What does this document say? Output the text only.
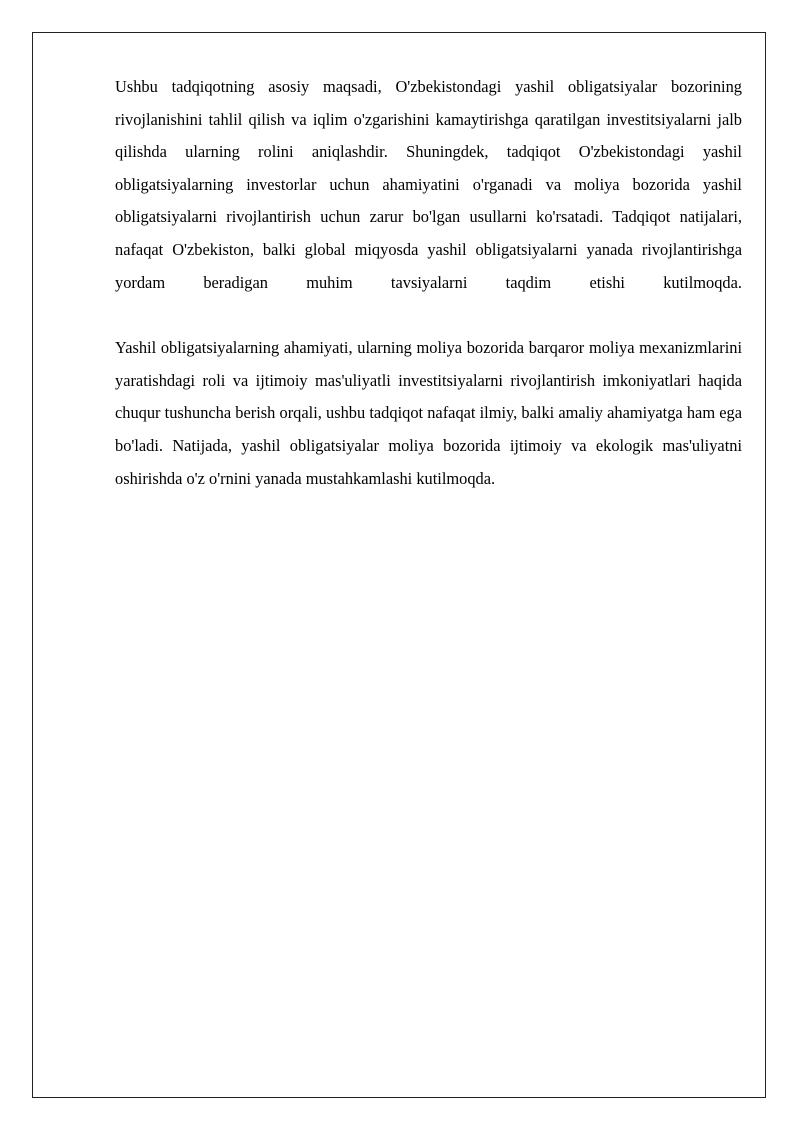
Ushbu tadqiqotning asosiy maqsadi, O'zbekistondagi yashil obligatsiyalar bozorining rivojlanishini tahlil qilish va iqlim o'zgarishini kamaytirishga qaratilgan investitsiyalarni jalb qilishda ularning rolini aniqlashdir. Shuningdek, tadqiqot O'zbekistondagi yashil obligatsiyalarning investorlar uchun ahamiyatini o'rganadi va moliya bozorida yashil obligatsiyalarni rivojlantirish uchun zarur bo'lgan usullarni ko'rsatadi. Tadqiqot natijalari, nafaqat O'zbekiston, balki global miqyosda yashil obligatsiyalarni yanada rivojlantirishga yordam beradigan muhim tavsiyalarni taqdim etishi kutilmoqda.

Yashil obligatsiyalarning ahamiyati, ularning moliya bozorida barqaror moliya mexanizmlarini yaratishdagi roli va ijtimoiy mas'uliyatli investitsiyalarni rivojlantirish imkoniyatlari haqida chuqur tushuncha berish orqali, ushbu tadqiqot nafaqat ilmiy, balki amaliy ahamiyatga ham ega bo'ladi. Natijada, yashil obligatsiyalar moliya bozorida ijtimoiy va ekologik mas'uliyatni oshirishda o'z o'rnini yanada mustahkamlashi kutilmoqda.
